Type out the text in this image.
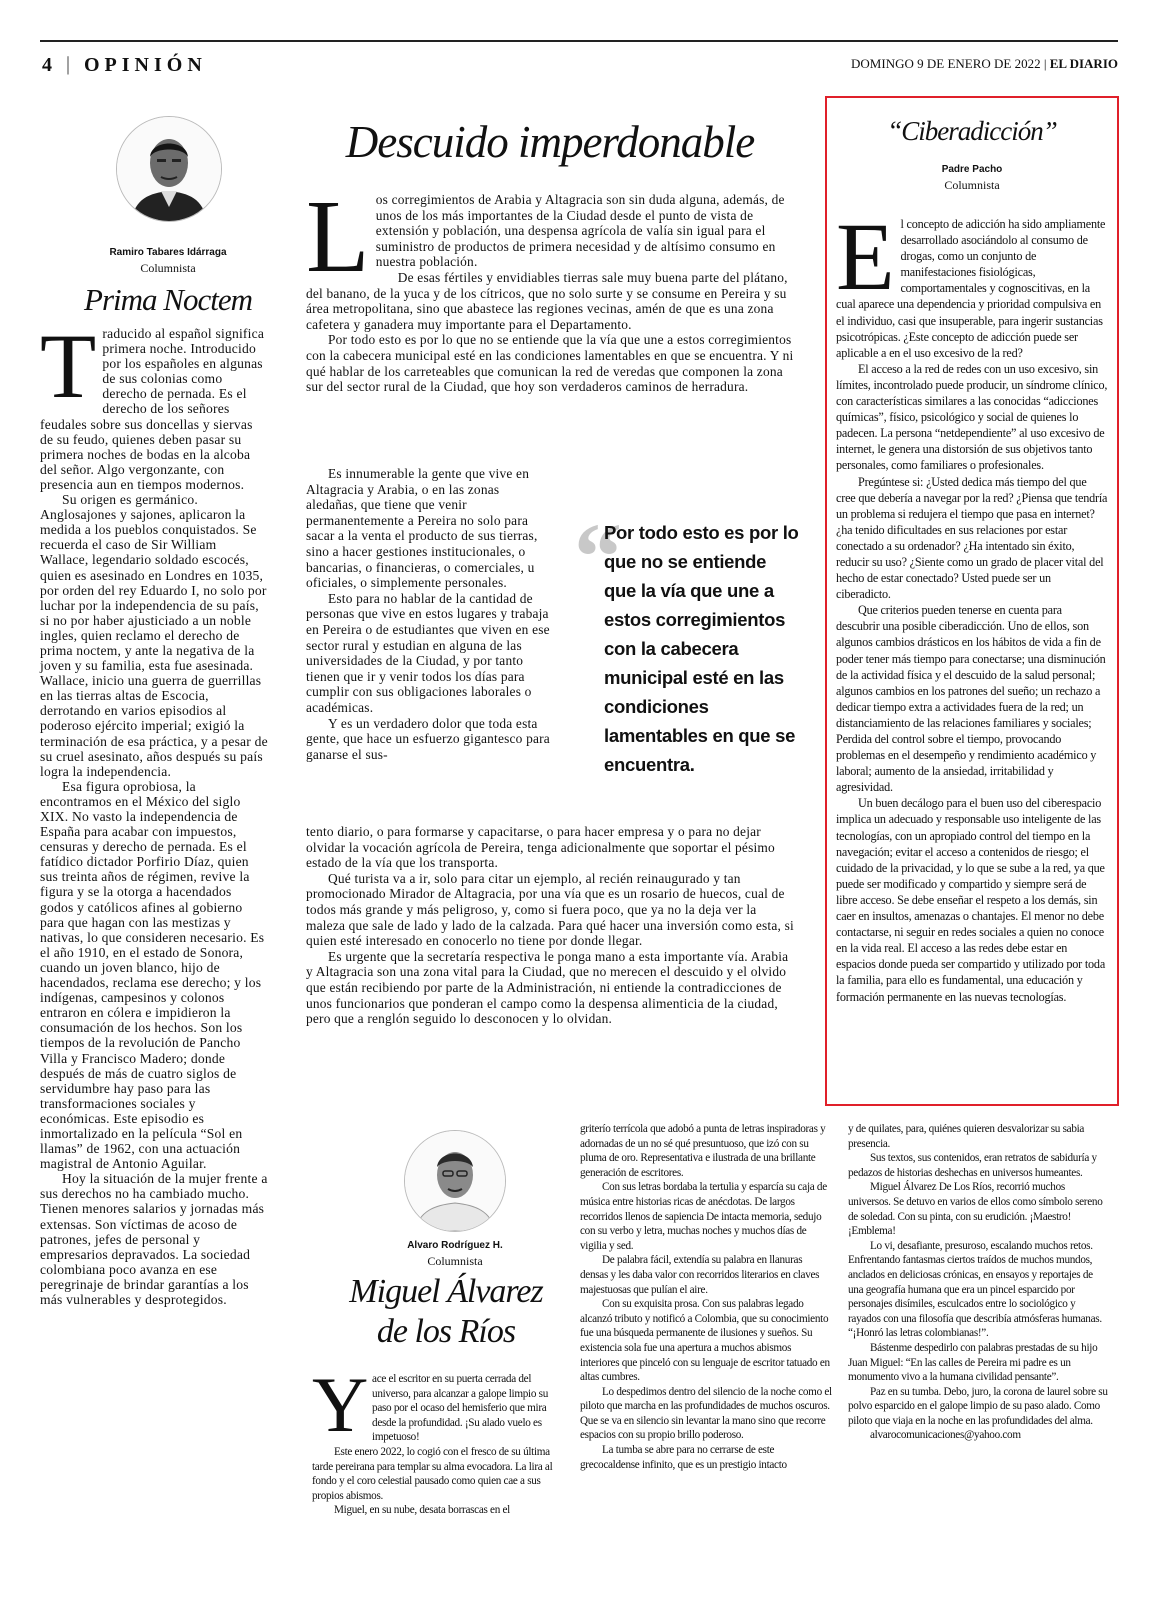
4 | OPINIÓN	DOMINGO 9 DE ENERO DE 2022 | EL DIARIO
Ramiro Tabares Idárraga
Columnista
Prima Noctem
T raducido al español significa primera noche. Introducido por los españoles en algunas de sus colonias como derecho de pernada. Es el derecho de los señores feudales sobre sus doncellas y siervas de su feudo, quienes deben pasar su primera noches de bodas en la alcoba del señor. Algo vergonzante, con presencia aun en tiempos modernos.

Su origen es germánico. Anglosajones y sajones, aplicaron la medida a los pueblos conquistados. Se recuerda el caso de Sir William Wallace, legendario soldado escocés, quien es asesinado en Londres en 1035, por orden del rey Eduardo I, no solo por luchar por la independencia de su país, si no por haber ajusticiado a un noble ingles, quien reclamo el derecho de prima noctem, y ante la negativa de la joven y su familia, esta fue asesinada. Wallace, inicio una guerra de guerrillas en las tierras altas de Escocia, derrotando en varios episodios al poderoso ejército imperial; exigió la terminación de esa práctica, y a pesar de su cruel asesinato, años después su país logra la independencia.

Esa figura oprobiosa, la encontramos en el México del siglo XIX. No vasto la independencia de España para acabar con impuestos, censuras y derecho de pernada. Es el fatídico dictador Porfirio Díaz, quien sus treinta años de régimen, revive la figura y se la otorga a hacendados godos y católicos afines al gobierno para que hagan con las mestizas y nativas, lo que consideren necesario. Es el año 1910, en el estado de Sonora, cuando un joven blanco, hijo de hacendados, reclama ese derecho; y los indígenas, campesinos y colonos entraron en cólera e impidieron la consumación de los hechos. Son los tiempos de la revolución de Pancho Villa y Francisco Madero; donde después de más de cuatro siglos de servidumbre hay paso para las transformaciones sociales y económicas. Este episodio es inmortalizado en la película “Sol en llamas” de 1962, con una actuación magistral de Antonio Aguilar.

Hoy la situación de la mujer frente a sus derechos no ha cambiado mucho. Tienen menores salarios y jornadas más extensas. Son víctimas de acoso de patrones, jefes de personal y empresarios depravados. La sociedad colombiana poco avanza en ese peregrinaje de brindar garantías a los más vulnerables y desprotegidos.

Descuido imperdonable
L os corregimientos de Arabia y Altagracia son sin duda alguna, además, de unos de los más importantes de la Ciudad desde el punto de vista de extensión y población, una despensa agrícola de valía sin igual para el suministro de productos de primera necesidad y de altísimo consumo en nuestra población.

De esas fértiles y envidiables tierras sale muy buena parte del plátano, del banano, de la yuca y de los cítricos, que no solo surte y se consume en Pereira y su área metropolitana, sino que abastece las regiones vecinas, amén de que es una zona cafetera y ganadera muy importante para el Departamento.

Por todo esto es por lo que no se entiende que la vía que une a estos corregimientos con la cabecera municipal esté en las condiciones lamentables en que se encuentra. Y ni qué hablar de los carreteables que comunican la red de veredas que componen la zona sur del sector rural de la Ciudad, que hoy son verdaderos caminos de herradura.

Es innumerable la gente que vive en Altagracia y Arabia, o en las zonas aledañas, que tiene que venir permanentemente a Pereira no solo para sacar a la venta el producto de sus tierras, sino a hacer gestiones institucionales, o bancarias, o financieras, o comerciales, u oficiales, o simplemente personales.

Esto para no hablar de la cantidad de personas que vive en estos lugares y trabaja en Pereira o de estudiantes que viven en ese sector rural y estudian en alguna de las universidades de la Ciudad, y por tanto tienen que ir y venir todos los días para cumplir con sus obligaciones laborales o académicas.

Y es un verdadero dolor que toda esta gente, que hace un esfuerzo gigantesco para ganarse el sus-

“
Por todo esto es por lo que no se entiende que la vía que une a estos corregimientos con la cabecera municipal esté en las condiciones lamentables en que se encuentra.

tento diario, o para formarse y capacitarse, o para hacer empresa y o para no dejar olvidar la vocación agrícola de Pereira, tenga adicionalmente que soportar el pésimo estado de la vía que los transporta.

Qué turista va a ir, solo para citar un ejemplo, al recién reinaugurado y tan promocionado Mirador de Altagracia, por una vía que es un rosario de huecos, cual de todos más grande y más peligroso, y, como si fuera poco, que ya no la deja ver la maleza que sale de lado y lado de la calzada. Para qué hacer una inversión como esta, si quien esté interesado en conocerlo no tiene por donde llegar.

Es urgente que la secretaría respectiva le ponga mano a esta importante vía. Arabia y Altagracia son una zona vital para la Ciudad, que no merecen el descuido y el olvido que están recibiendo por parte de la Administración, ni entiende la contradicciones de unos funcionarios que ponderan el campo como la despensa alimenticia de la ciudad, pero que a renglón seguido lo desconocen y lo olvidan.

“Ciberadicción”
Padre Pacho
Columnista
E l concepto de adicción ha sido ampliamente desarrollado asociándolo al consumo de drogas, como un conjunto de manifestaciones fisiológicas, comportamentales y cognoscitivas, en la cual aparece una dependencia y prioridad compulsiva en el individuo, casi que insuperable, para ingerir sustancias psicotrópicas. ¿Este concepto de adicción puede ser aplicable a en el uso excesivo de la red?

El acceso a la red de redes con un uso excesivo, sin límites, incontrolado puede producir, un síndrome clínico, con características similares a las conocidas “adicciones químicas”, físico, psicológico y social de quienes lo padecen. La persona “netdependiente” al uso excesivo de internet, le genera una distorsión de sus objetivos tanto personales, como familiares o profesionales.

Pregúntese si: ¿Usted dedica más tiempo del que cree que debería a navegar por la red? ¿Piensa que tendría un problema si redujera el tiempo que pasa en internet? ¿ha tenido dificultades en sus relaciones por estar conectado a su ordenador? ¿Ha intentado sin éxito, reducir su uso? ¿Siente como un grado de placer vital del hecho de estar conectado? Usted puede ser un ciberadicto.

Que criterios pueden tenerse en cuenta para descubrir una posible ciberadicción. Uno de ellos, son algunos cambios drásticos en los hábitos de vida a fin de poder tener más tiempo para conectarse; una disminución de la actividad física y el descuido de la salud personal; algunos cambios en los patrones del sueño; un rechazo a dedicar tiempo extra a actividades fuera de la red; un distanciamiento de las relaciones familiares y sociales; Perdida del control sobre el tiempo, provocando problemas en el desempeño y rendimiento académico y laboral; aumento de la ansiedad, irritabilidad y agresividad.

Un buen decálogo para el buen uso del ciberespacio implica un adecuado y responsable uso inteligente de las tecnologías, con un apropiado control del tiempo en la navegación; evitar el acceso a contenidos de riesgo; el cuidado de la privacidad, y lo que se sube a la red, ya que puede ser modificado y compartido y siempre será de libre acceso. Se debe enseñar el respeto a los demás, sin caer en insultos, amenazas o chantajes. El menor no debe contactarse, ni seguir en redes sociales a quien no conoce en la vida real. El acceso a las redes debe estar en espacios donde pueda ser compartido y utilizado por toda la familia, para ello es fundamental, una educación y formación permanente en las nuevas tecnologías.

Alvaro Rodríguez H.
Columnista
Miguel Álvarez
de los Ríos
Y ace el escritor en su puerta cerrada del universo, para alcanzar a galope limpio su paso por el ocaso del hemisferio que mira desde la profundidad. ¡Su alado vuelo es impetuoso!

Este enero 2022, lo cogió con el fresco de su última tarde pereirana para templar su alma evocadora. La lira al fondo y el coro celestial pausado como quien cae a sus propios abismos.

Miguel, en su nube, desata borrascas en el

griterío terrícola que adobó a punta de letras inspiradoras y adornadas de un no sé qué presuntuoso, que izó con su pluma de oro. Representativa e ilustrada de una brillante generación de escritores.

Con sus letras bordaba la tertulia y esparcía su caja de música entre historias ricas de anécdotas. De largos recorridos llenos de sapiencia De intacta memoria, sedujo con su verbo y letra, muchas noches y muchos días de vigilia y sed.

De palabra fácil, extendía su palabra en llanuras densas y les daba valor con recorridos literarios en claves majestuosas que pulían el aire.

Con su exquisita prosa. Con sus palabras legado alcanzó tributo y notificó a Colombia, que su conocimiento fue una búsqueda permanente de ilusiones y sueños. Su existencia sola fue una apertura a muchos abismos interiores que pinceló con su lenguaje de escritor tatuado en altas cumbres.

Lo despedimos dentro del silencio de la noche como el piloto que marcha en las profundidades de muchos oscuros. Que se va en silencio sin levantar la mano sino que recorre espacios con su propio brillo poderoso.

La tumba se abre para no cerrarse de este grecocaldense infinito, que es un prestigio intacto

y de quilates, para, quiénes quieren desvalorizar su sabia presencia.

Sus textos, sus contenidos, eran retratos de sabiduría y pedazos de historias deshechas en universos humeantes.

Miguel Álvarez De Los Ríos, recorrió muchos universos. Se detuvo en varios de ellos como símbolo sereno de soledad. Con su pinta, con su erudición. ¡Maestro! ¡Emblema!

Lo vi, desafiante, presuroso, escalando muchos retos. Enfrentando fantasmas ciertos traídos de muchos mundos, anclados en deliciosas crónicas, en ensayos y reportajes de una geografía humana que era un pincel esparcido por personajes disímiles, esculcados entre lo sociológico y rayados con una filosofía que describía atmósferas humanas. “¡Honró las letras colombianas!”.

Bástenme despedirlo con palabras prestadas de su hijo Juan Miguel: “En las calles de Pereira mi padre es un monumento vivo a la humana civilidad pensante”.

Paz en su tumba. Debo, juro, la corona de laurel sobre su polvo esparcido en el galope limpio de su paso alado. Como piloto que viaja en la noche en las profundidades del alma.

alvarocomunicaciones@yahoo.com
